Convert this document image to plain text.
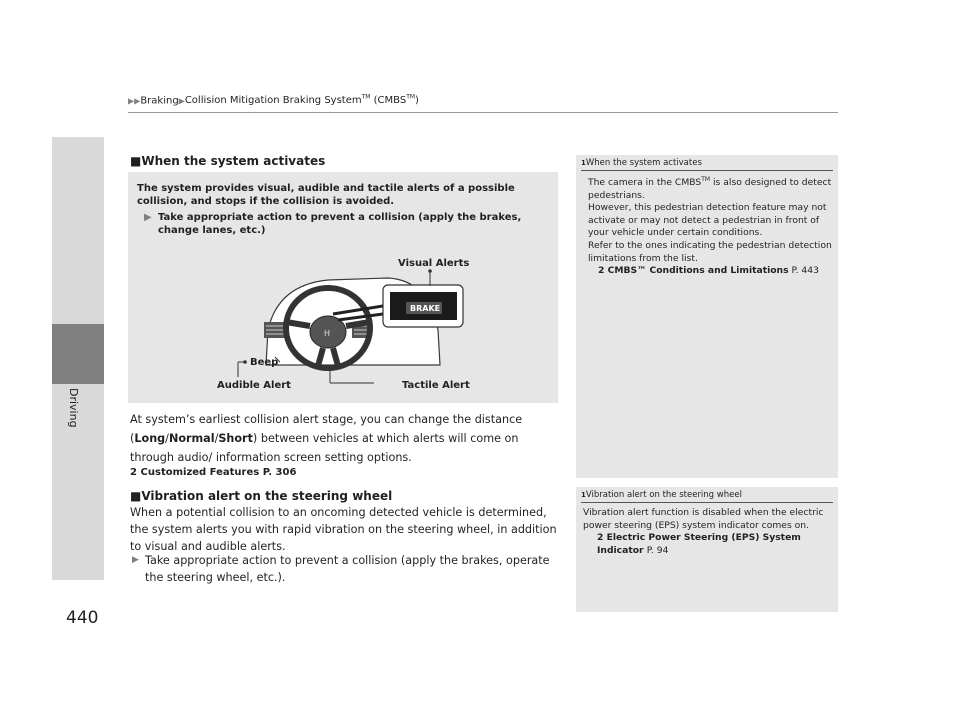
Driving
▶▶Braking▶Collision Mitigation Braking System™ (CMBS™)
■When the system activates
The system provides visual, audible and tactile alerts of a possible collision, and stops if the collision is avoided.
▶ Take appropriate action to prevent a collision (apply the brakes, change lanes, etc.)
H
BRAKE
Visual Alerts
Beep
Audible Alert	Tactile Alert
At system’s earliest collision alert stage, you can change the distance (Long/Normal/Short) between vehicles at which alerts will come on through audio/ information screen setting options.
2 Customized Features P. 306
■Vibration alert on the steering wheel
When a potential collision to an oncoming detected vehicle is determined, the system alerts you with rapid vibration on the steering wheel, in addition to visual and audible alerts.
▶ Take appropriate action to prevent a collision (apply the brakes, operate the steering wheel, etc.).
1When the system activates
The camera in the CMBS™ is also designed to detect pedestrians.
However, this pedestrian detection feature may not activate or may not detect a pedestrian in front of your vehicle under certain conditions.
Refer to the ones indicating the pedestrian detection limitations from the list.
2 CMBS™ Conditions and Limitations P. 443
1Vibration alert on the steering wheel
Vibration alert function is disabled when the electric power steering (EPS) system indicator comes on.

2 Electric Power Steering (EPS) System Indicator P. 94
440
